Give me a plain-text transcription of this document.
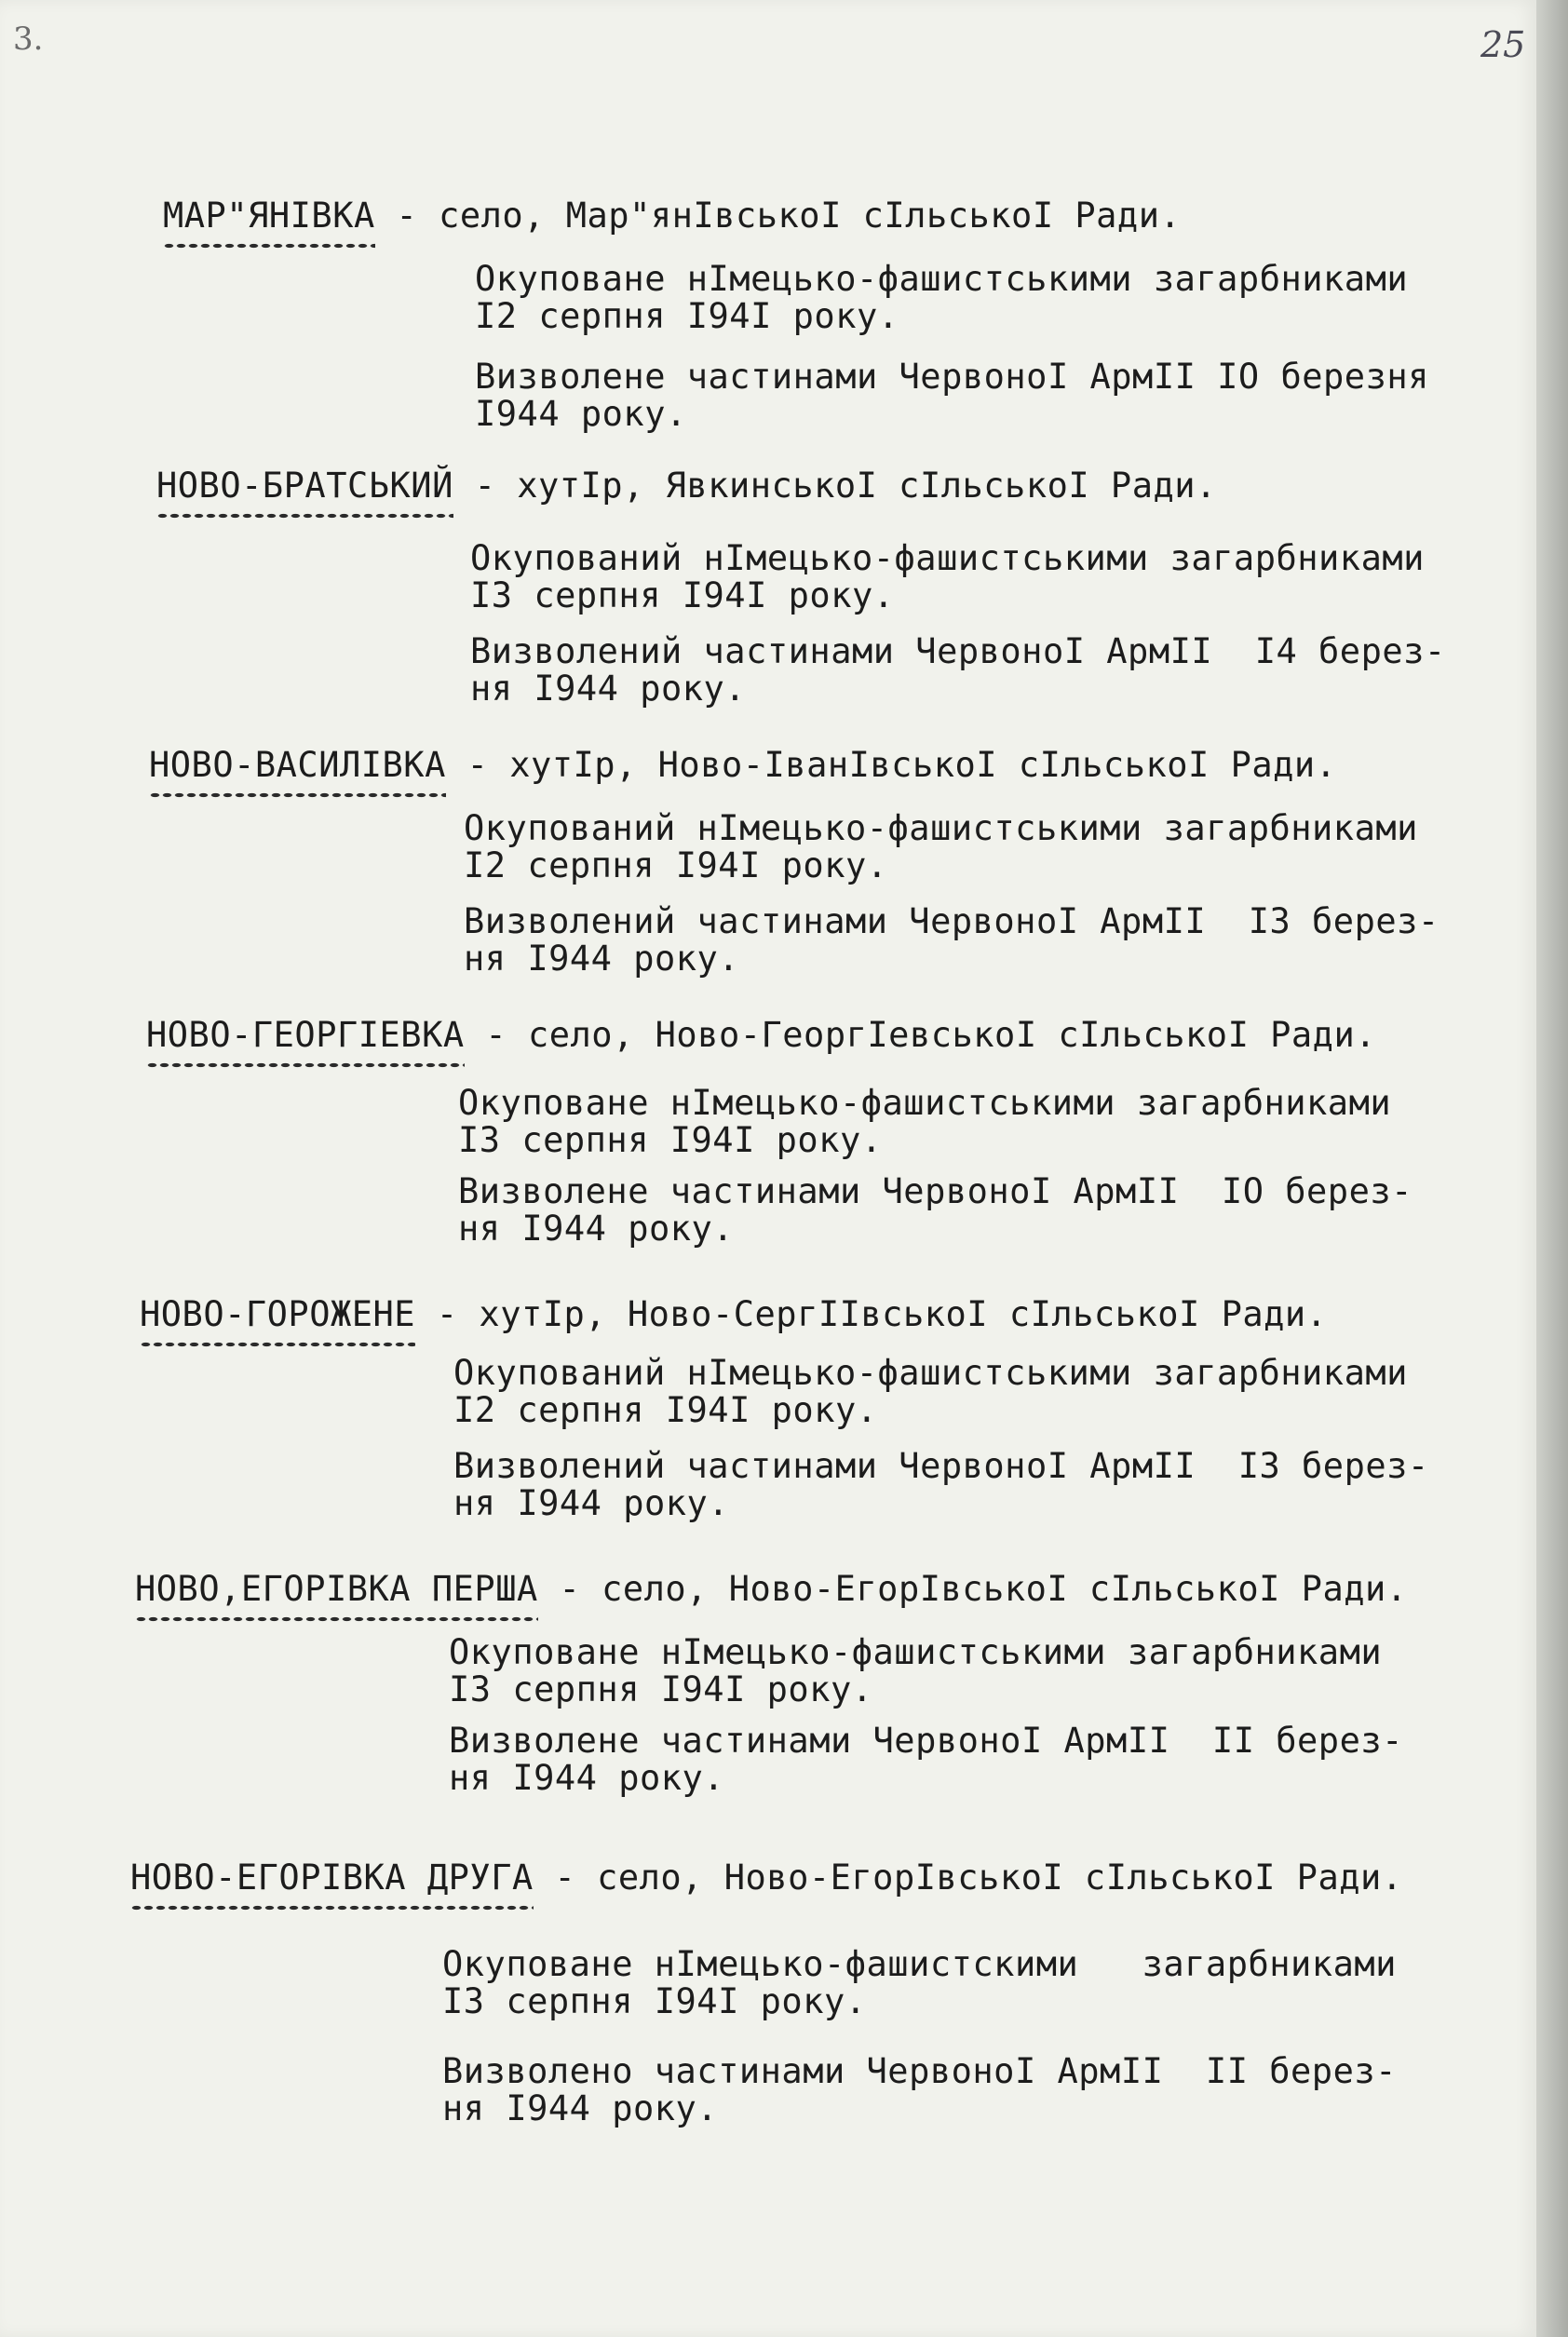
3.	25
МАР"ЯНІВКА - село, Мар"янІвськоІ сІльськоІ Ради.
Окуповане нІмецько-фашистськими загарбниками
I2 серпня I94I року.
Визволене частинами ЧервоноІ АрмІІ IO березня
I944 року.
НОВО-БРАТСЬКИЙ - хутІр, ЯвкинськоІ сІльськоІ Ради.
Окупований нІмецько-фашистськими загарбниками
I3 серпня I94I року.
Визволений частинами ЧервоноІ АрмІІ  I4 берез-
ня I944 року.
НОВО-ВАСИЛІВКА - хутІр, Ново-ІванІвськоІ сІльськоІ Ради.
Окупований нІмецько-фашистськими загарбниками
I2 серпня I94I року.
Визволений частинами ЧервоноІ АрмІІ  I3 берез-
ня I944 року.
НОВО-ГЕОРГІЕВКА - село, Ново-ГеоргІевськоІ сІльськоІ Ради.
Окуповане нІмецько-фашистськими загарбниками
I3 серпня I94I року.
Визволене частинами ЧервоноІ АрмІІ  IO берез-
ня I944 року.
НОВО-ГОРОЖЕНЕ - хутІр, Ново-СергІІвськоІ сІльськоІ Ради.
Окупований нІмецько-фашистськими загарбниками
I2 серпня I94I року.
Визволений частинами ЧервоноІ АрмІІ  I3 берез-
ня I944 року.
НОВО,ЕГОРІВКА ПЕРША - село, Ново-ЕгорІвськоІ сІльськоІ Ради.
Окуповане нІмецько-фашистськими загарбниками
I3 серпня I94I року.
Визволене частинами ЧервоноІ АрмІІ  II берез-
ня I944 року.
НОВО-ЕГОРІВКА ДРУГА - село, Ново-ЕгорІвськоІ сІльськоІ Ради.
Окуповане нІмецько-фашистскими   загарбниками
I3 серпня I94I року.
Визволено частинами ЧервоноІ АрмІІ  II берез-
ня I944 року.
